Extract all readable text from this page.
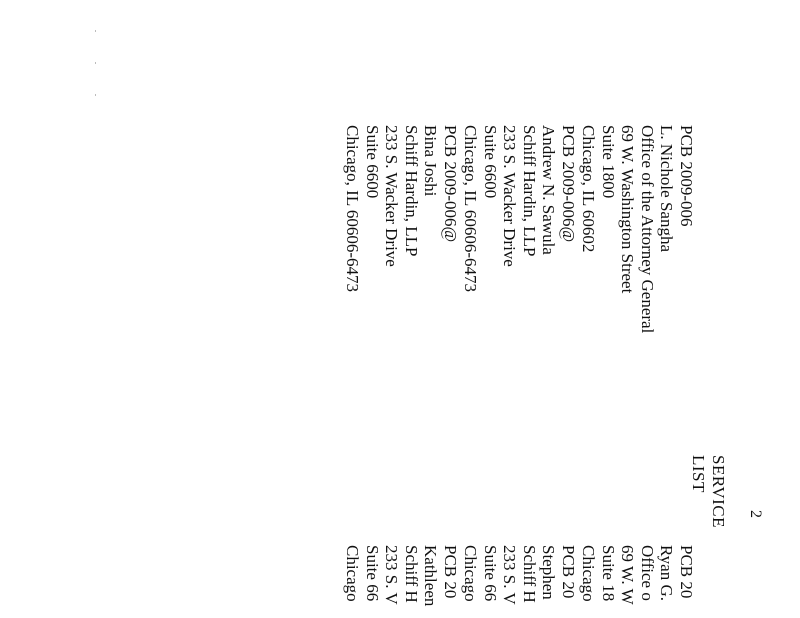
. . .
2
SERVICE LIST
PCB 2009-006
L. Nichole Sangha
Office of the Attorney General
69 W. Washington Street
Suite 1800
Chicago, IL 60602
PCB 2009-006@
Andrew N. Sawula
Schiff Hardin, LLP
233 S. Wacker Drive
Suite 6600
Chicago, IL 60606-6473
PCB 2009-006@
Bina Joshi
Schiff Hardin, LLP
233 S. Wacker Drive
Suite 6600
Chicago, IL 60606-6473
PCB 20
Ryan G.
Office o
69 W. W
Suite 18
Chicago
PCB 20
Stephen
Schiff H
233 S. V
Suite 66
Chicago
PCB 20
Kathleen
Schiff H
233 S. V
Suite 66
Chicago
